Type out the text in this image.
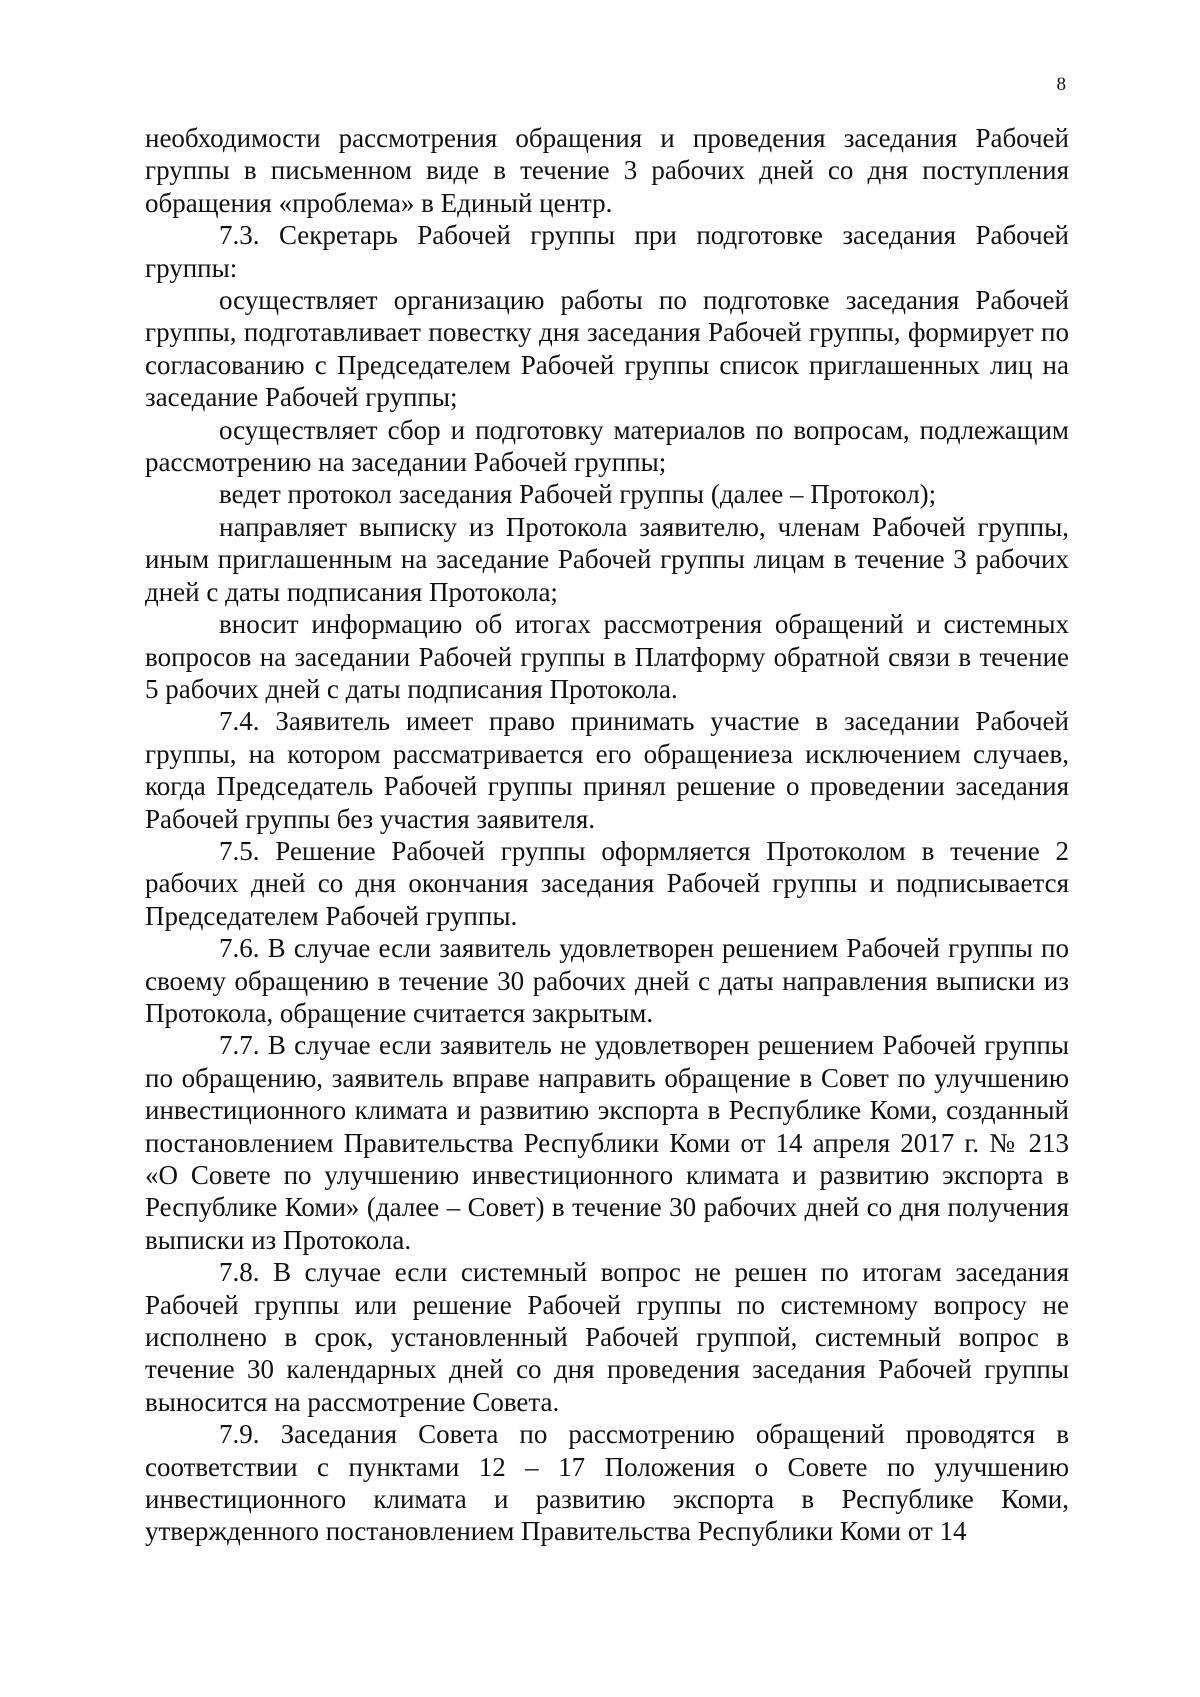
8

необходимости рассмотрения обращения и проведения заседания Рабочей группы в письменном виде в течение 3 рабочих дней со дня поступления обращения «проблема» в Единый центр.

7.3. Секретарь Рабочей группы при подготовке заседания Рабочей группы:

осуществляет организацию работы по подготовке заседания Рабочей группы, подготавливает повестку дня заседания Рабочей группы, формирует по согласованию с Председателем Рабочей группы список приглашенных лиц на заседание Рабочей группы;

осуществляет сбор и подготовку материалов по вопросам, подлежащим рассмотрению на заседании Рабочей группы;

ведет протокол заседания Рабочей группы (далее – Протокол);

направляет выписку из Протокола заявителю, членам Рабочей группы, иным приглашенным на заседание Рабочей группы лицам в течение 3 рабочих дней с даты подписания Протокола;

вносит информацию об итогах рассмотрения обращений и системных вопросов на заседании Рабочей группы в Платформу обратной связи в течение 5 рабочих дней с даты подписания Протокола.

7.4. Заявитель имеет право принимать участие в заседании Рабочей группы, на котором рассматривается его обращениеза исключением случаев, когда Председатель Рабочей группы принял решение о проведении заседания Рабочей группы без участия заявителя.

7.5. Решение Рабочей группы оформляется Протоколом в течение 2 рабочих дней со дня окончания заседания Рабочей группы и подписывается Председателем Рабочей группы.

7.6. В случае если заявитель удовлетворен решением Рабочей группы по своему обращению в течение 30 рабочих дней с даты направления выписки из Протокола, обращение считается закрытым.

7.7. В случае если заявитель не удовлетворен решением Рабочей группы по обращению, заявитель вправе направить обращение в Совет по улучшению инвестиционного климата и развитию экспорта в Республике Коми, созданный постановлением Правительства Республики Коми от 14 апреля 2017 г. № 213 «О Совете по улучшению инвестиционного климата и развитию экспорта в Республике Коми» (далее – Совет) в течение 30 рабочих дней со дня получения выписки из Протокола.

7.8. В случае если системный вопрос не решен по итогам заседания Рабочей группы или решение Рабочей группы по системному вопросу не исполнено в срок, установленный Рабочей группой, системный вопрос в течение 30 календарных дней со дня проведения заседания Рабочей группы выносится на рассмотрение Совета.

7.9. Заседания Совета по рассмотрению обращений проводятся в соответствии с пунктами 12 – 17 Положения о Совете по улучшению инвестиционного климата и развитию экспорта в Республике Коми, утвержденного постановлением Правительства Республики Коми от 14
